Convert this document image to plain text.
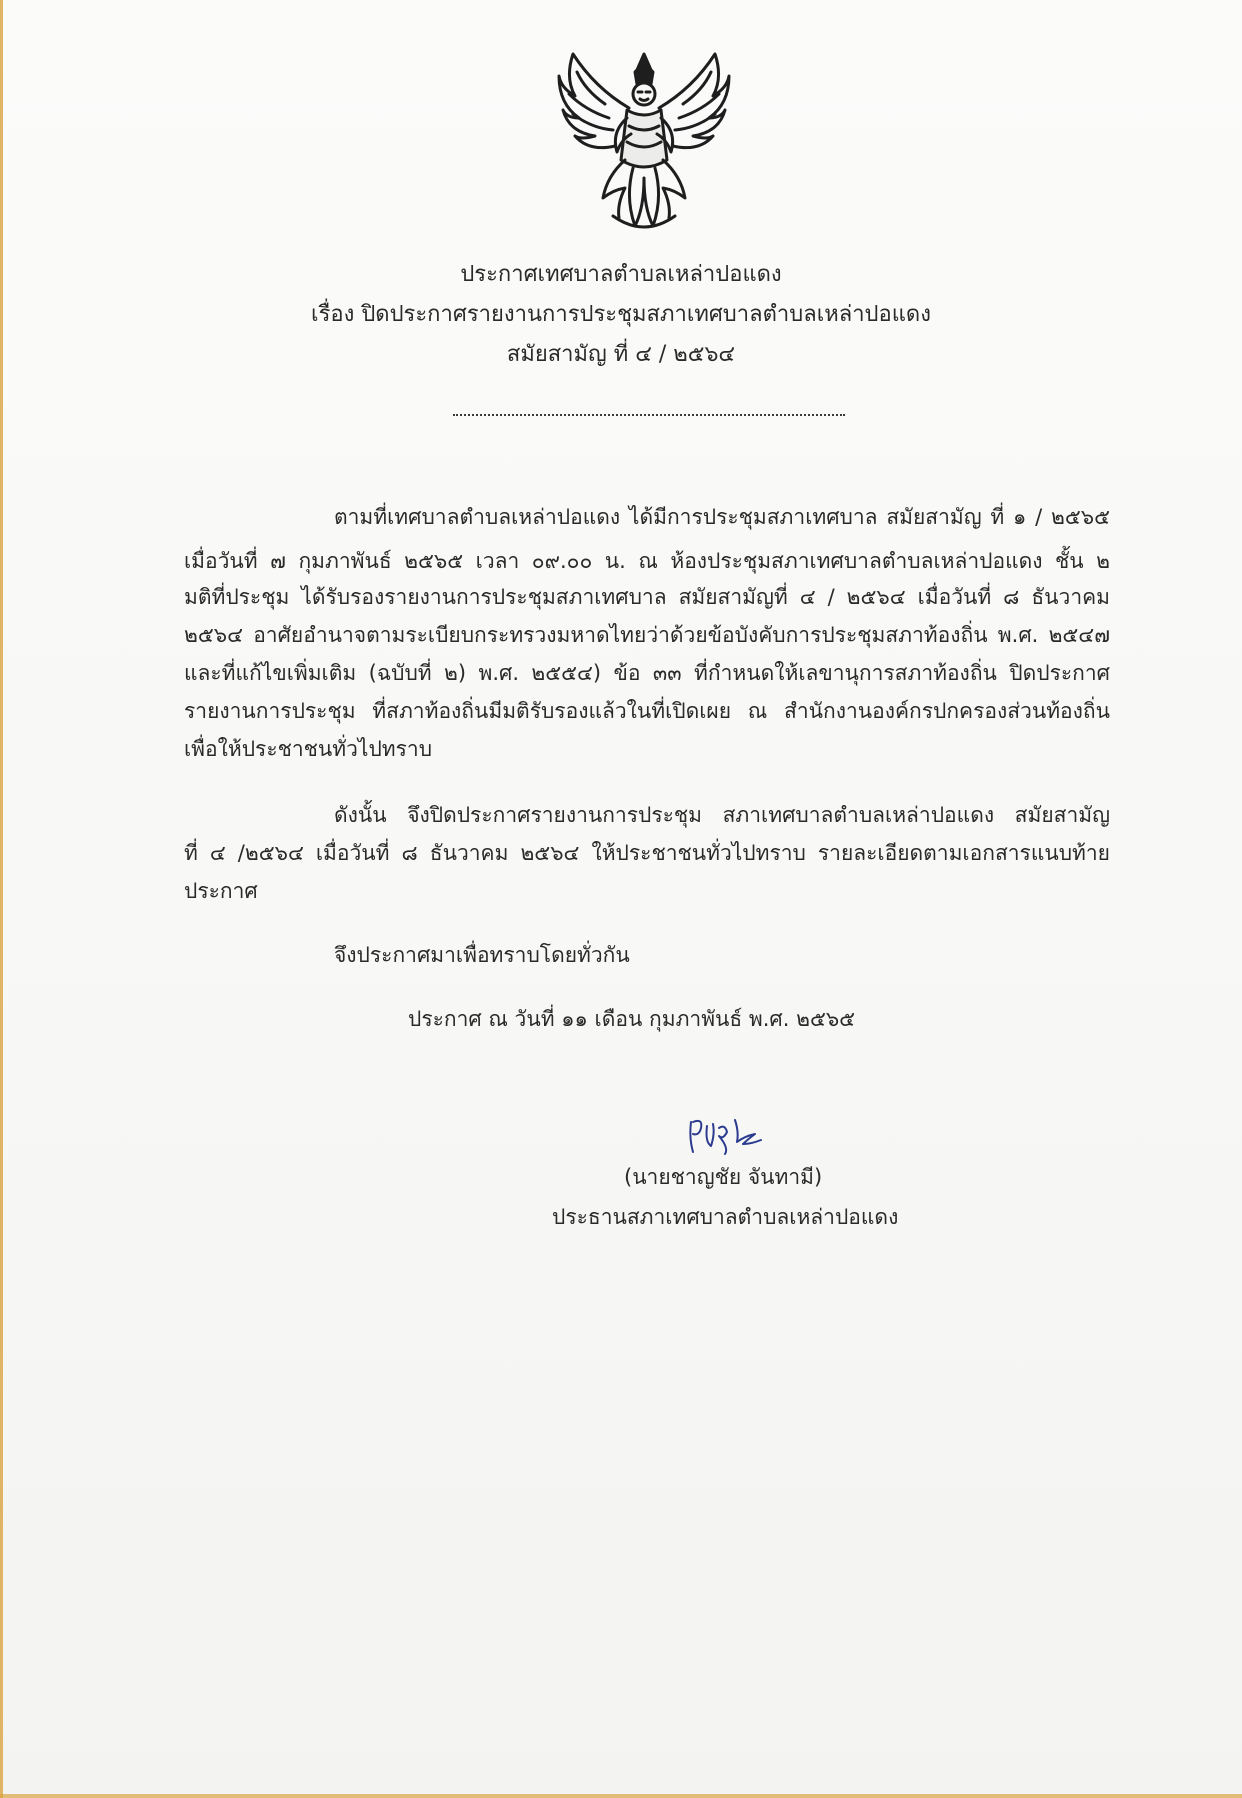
ประกาศเทศบาลตำบลเหล่าปอแดง
เรื่อง ปิดประกาศรายงานการประชุมสภาเทศบาลตำบลเหล่าปอแดง
สมัยสามัญ ที่ ๔ / ๒๕๖๔
ตามที่เทศบาลตำบลเหล่าปอแดง ได้มีการประชุมสภาเทศบาล สมัยสามัญ ที่ ๑ / ๒๕๖๕
เมื่อวันที่ ๗ กุมภาพันธ์ ๒๕๖๕ เวลา ๐๙.๐๐ น. ณ ห้องประชุมสภาเทศบาลตำบลเหล่าปอแดง ชั้น ๒
มติที่ประชุม ได้รับรองรายงานการประชุมสภาเทศบาล สมัยสามัญที่ ๔ / ๒๕๖๔ เมื่อวันที่ ๘ ธันวาคม
๒๕๖๔ อาศัยอำนาจตามระเบียบกระทรวงมหาดไทยว่าด้วยข้อบังคับการประชุมสภาท้องถิ่น พ.ศ. ๒๕๔๗
และที่แก้ไขเพิ่มเติม (ฉบับที่ ๒) พ.ศ. ๒๕๕๔) ข้อ ๓๓ ที่กำหนดให้เลขานุการสภาท้องถิ่น ปิดประกาศ
รายงานการประชุม ที่สภาท้องถิ่นมีมติรับรองแล้วในที่เปิดเผย ณ สำนักงานองค์กรปกครองส่วนท้องถิ่น
เพื่อให้ประชาชนทั่วไปทราบ
ดังนั้น จึงปิดประกาศรายงานการประชุม สภาเทศบาลตำบลเหล่าปอแดง สมัยสามัญ
ที่ ๔ /๒๕๖๔ เมื่อวันที่ ๘ ธันวาคม ๒๕๖๔ ให้ประชาชนทั่วไปทราบ รายละเอียดตามเอกสารแนบท้าย
ประกาศ
จึงประกาศมาเพื่อทราบโดยทั่วกัน
ประกาศ ณ วันที่ ๑๑ เดือน กุมภาพันธ์ พ.ศ. ๒๕๖๕
(นายชาญชัย จันทามี)
ประธานสภาเทศบาลตำบลเหล่าปอแดง
